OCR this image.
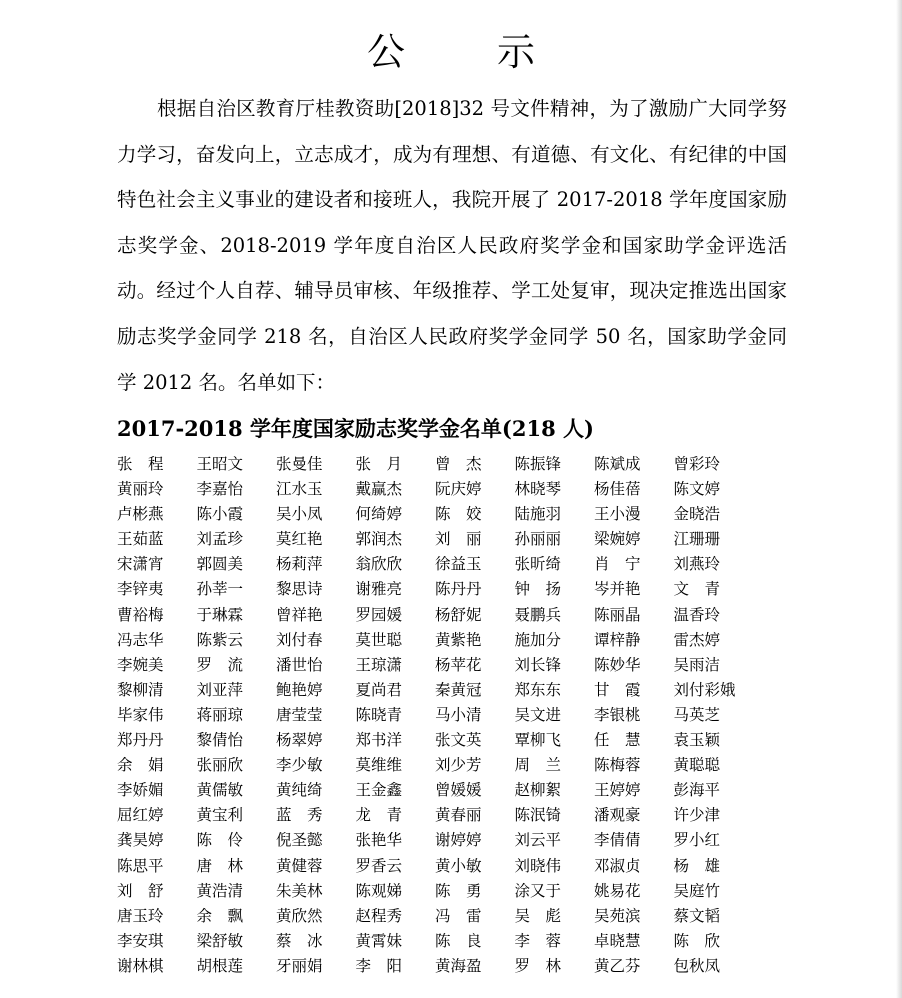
公 示

根据自治区教育厅桂教资助[2018]32 号文件精神，为了激励广大同学努力学习，奋发向上，立志成才，成为有理想、有道德、有文化、有纪律的中国特色社会主义事业的建设者和接班人，我院开展了 2017-2018 学年度国家励志奖学金、2018-2019 学年度自治区人民政府奖学金和国家助学金评选活动。经过个人自荐、辅导员审核、年级推荐、学工处复审，现决定推选出国家励志奖学金同学 218 名，自治区人民政府奖学金同学 50 名，国家助学金同学 2012 名。名单如下：

2017-2018 学年度国家励志奖学金名单(218 人)

张　程	王昭文	张曼佳	张　月	曾　杰	陈振锋	陈斌成	曾彩玲
黄丽玲	李嘉怡	江水玉	戴赢杰	阮庆婷	林晓琴	杨佳蓓	陈文婷
卢彬燕	陈小霞	吴小凤	何绮婷	陈　姣	陆施羽	王小漫	金晓浩
王茹蓝	刘孟珍	莫红艳	郭润杰	刘　丽	孙丽丽	梁婉婷	江珊珊
宋潇宵	郭圆美	杨莉萍	翁欣欣	徐益玉	张昕绮	肖　宁	刘燕玲
李锌夷	孙莘一	黎思诗	谢雅亮	陈丹丹	钟　扬	岑并艳	文　青
曹裕梅	于琳霖	曾祥艳	罗园媛	杨舒妮	聂鹏兵	陈丽晶	温香玲
冯志华	陈紫云	刘付春	莫世聪	黄紫艳	施加分	谭梓静	雷杰婷
李婉美	罗　流	潘世怡	王琼潇	杨苹花	刘长锋	陈妙华	吴雨洁
黎柳清	刘亚萍	鲍艳婷	夏尚君	秦黄冠	郑东东	甘　霞	刘付彩娥
毕家伟	蒋丽琼	唐莹莹	陈晓青	马小清	吴文进	李银桃	马英芝
郑丹丹	黎倩怡	杨翠婷	郑书洋	张文英	覃柳飞	任　慧	袁玉颖
余　娟	张丽欣	李少敏	莫维维	刘少芳	周　兰	陈梅蓉	黄聪聪
李娇媚	黄儒敏	黄纯绮	王金鑫	曾媛媛	赵柳絮	王婷婷	彭海平
屈红婷	黄宝利	蓝　秀	龙　青	黄春丽	陈泯锜	潘观豪	许少津
龚昊婷	陈　伶	倪圣懿	张艳华	谢婷婷	刘云平	李倩倩	罗小红
陈思平	唐　林	黄健蓉	罗香云	黄小敏	刘晓伟	邓淑贞	杨　雄
刘　舒	黄浩清	朱美林	陈观娣	陈　勇	涂又于	姚易花	吴庭竹
唐玉玲	余　飘	黄欣然	赵程秀	冯　雷	吴　彪	吴苑滨	蔡文韬
李安琪	梁舒敏	蔡　冰	黄霄妹	陈　良	李　蓉	卓晓慧	陈　欣
谢林棋	胡根莲	牙丽娟	李　阳	黄海盈	罗　林	黄乙芬	包秋凤
